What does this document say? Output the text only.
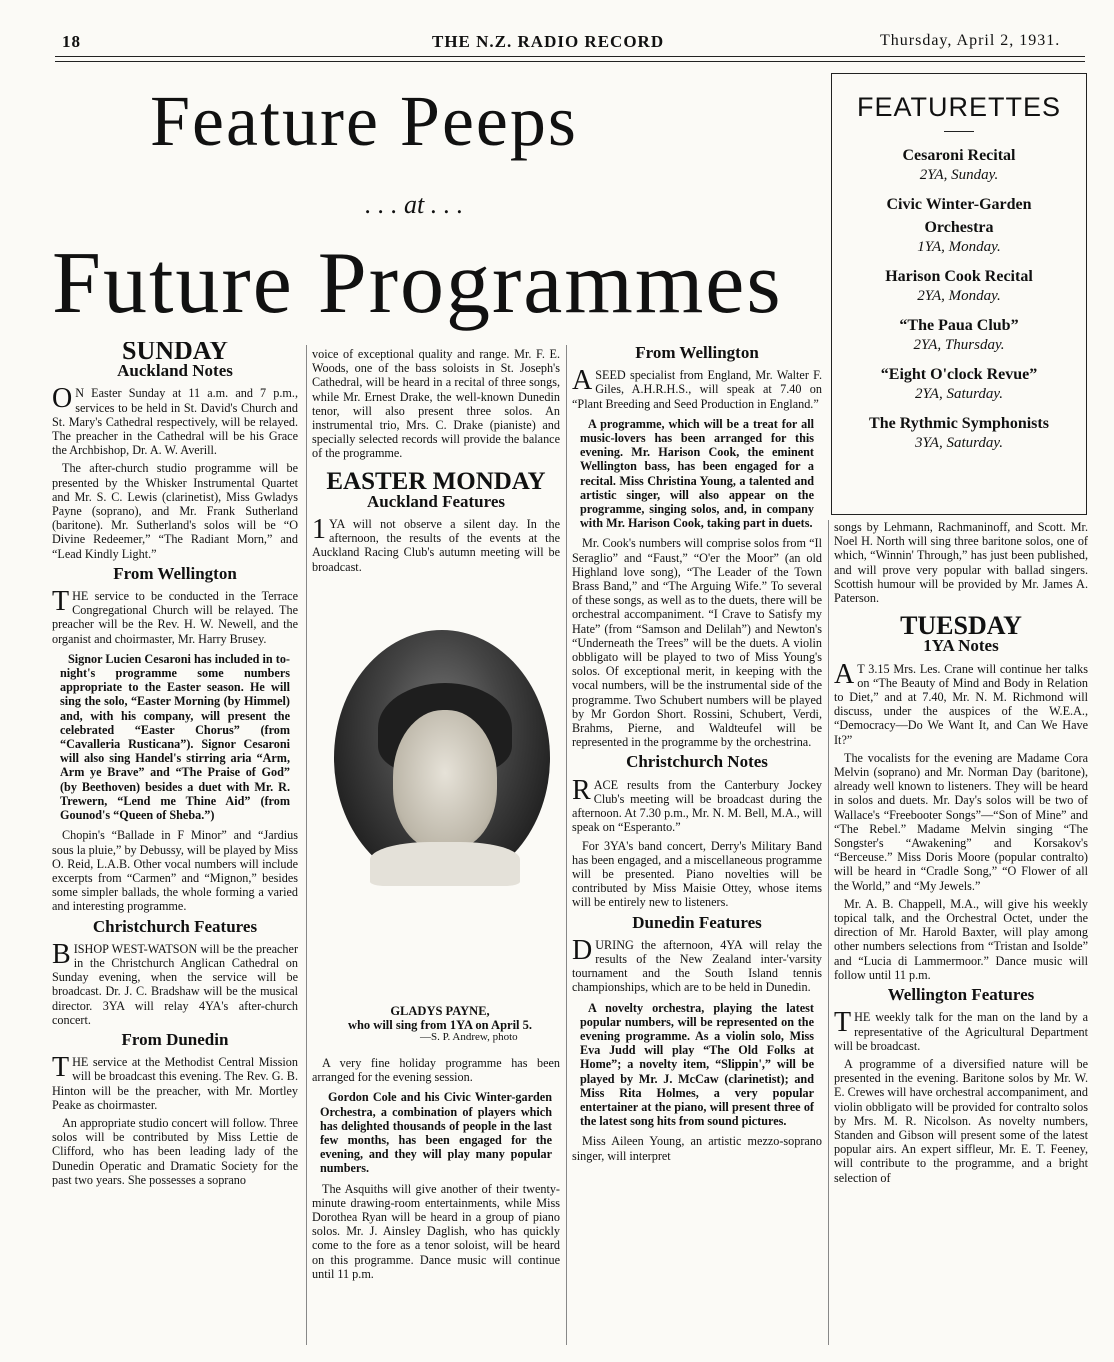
18	THE N.Z. RADIO RECORD	Thursday, April 2, 1931.
Feature Peeps
. . . at . . .
Future Programmes
FEATURETTES
Cesaroni Recital
2YA, Sunday.
Civic Winter-Garden Orchestra
1YA, Monday.
Harison Cook Recital
2YA, Monday.
“The Paua Club”
2YA, Thursday.
“Eight O'clock Revue”
2YA, Saturday.
The Rythmic Symphonists
3YA, Saturday.
SUNDAY
Auckland Notes

ON Easter Sunday at 11 a.m. and 7 p.m., services to be held in St. David's Church and St. Mary's Cathedral respectively, will be relayed. The preacher in the Cathedral will be his Grace the Archbishop, Dr. A. W. Averill.

The after-church studio programme will be presented by the Whisker Instrumental Quartet and Mr. S. C. Lewis (clarinetist), Miss Gwladys Payne (soprano), and Mr. Frank Sutherland (baritone). Mr. Sutherland's solos will be “O Divine Redeemer,” “The Radiant Morn,” and “Lead Kindly Light.”

From Wellington

THE service to be conducted in the Terrace Congregational Church will be relayed. The preacher will be the Rev. H. W. Newell, and the organist and choirmaster, Mr. Harry Brusey.

Signor Lucien Cesaroni has included in to-night's programme some numbers appropriate to the Easter season. He will sing the solo, “Easter Morning (by Himmel) and, with his company, will present the celebrated “Easter Chorus” (from “Cavalleria Rusticana”). Signor Cesaroni will also sing Handel's stirring aria “Arm, Arm ye Brave” and “The Praise of God” (by Beethoven) besides a duet with Mr. R. Trewern, “Lend me Thine Aid” (from Gounod's “Queen of Sheba.”)

Chopin's “Ballade in F Minor” and “Jardius sous la pluie,” by Debussy, will be played by Miss O. Reid, L.A.B. Other vocal numbers will include excerpts from “Carmen” and “Mignon,” besides some simpler ballads, the whole forming a varied and interesting programme.

Christchurch Features

BISHOP WEST-WATSON will be the preacher in the Christchurch Anglican Cathedral on Sunday evening, when the service will be broadcast. Dr. J. C. Bradshaw will be the musical director. 3YA will relay 4YA's after-church concert.

From Dunedin

THE service at the Methodist Central Mission will be broadcast this evening. The Rev. G. B. Hinton will be the preacher, with Mr. Mortley Peake as choirmaster.

An appropriate studio concert will follow. Three solos will be contributed by Miss Lettie de Clifford, who has been leading lady of the Dunedin Operatic and Dramatic Society for the past two years. She possesses a soprano

voice of exceptional quality and range. Mr. F. E. Woods, one of the bass soloists in St. Joseph's Cathedral, will be heard in a recital of three songs, while Mr. Ernest Drake, the well-known Dunedin tenor, will also present three solos. An instrumental trio, Mrs. C. Drake (pianiste) and specially selected records will provide the balance of the programme.

EASTER MONDAY
Auckland Features

1YA will not observe a silent day. In the afternoon, the results of the events at the Auckland Racing Club's autumn meeting will be broadcast.

GLADYS PAYNE,
who will sing from 1YA on April 5.
—S. P. Andrew, photo

A very fine holiday programme has been arranged for the evening session.

Gordon Cole and his Civic Winter-garden Orchestra, a combination of players which has delighted thousands of people in the last few months, has been engaged for the evening, and they will play many popular numbers.

The Asquiths will give another of their twenty-minute drawing-room entertainments, while Miss Dorothea Ryan will be heard in a group of piano solos. Mr. J. Ainsley Daglish, who has quickly come to the fore as a tenor soloist, will be heard on this programme. Dance music will continue until 11 p.m.

From Wellington

ASEED specialist from England, Mr. Walter F. Giles, A.H.R.H.S., will speak at 7.40 on “Plant Breeding and Seed Production in England.”

A programme, which will be a treat for all music-lovers has been arranged for this evening. Mr. Harison Cook, the eminent Wellington bass, has been engaged for a recital. Miss Christina Young, a talented and artistic singer, will also appear on the programme, singing solos, and, in company with Mr. Harison Cook, taking part in duets.

Mr. Cook's numbers will comprise solos from “Il Seraglio” and “Faust,” “O'er the Moor” (an old Highland love song), “The Leader of the Town Brass Band,” and “The Arguing Wife.” To several of these songs, as well as to the duets, there will be orchestral accompaniment. “I Crave to Satisfy my Hate” (from “Samson and Delilah”) and Newton's “Underneath the Trees” will be the duets. A violin obbligato will be played to two of Miss Young's solos. Of exceptional merit, in keeping with the vocal numbers, will be the instrumental side of the programme. Two Schubert numbers will be played by Mr Gordon Short. Rossini, Schubert, Verdi, Brahms, Pierne, and Waldteufel will be represented in the programme by the orchestrina.

Christchurch Notes

RACE results from the Canterbury Jockey Club's meeting will be broadcast during the afternoon. At 7.30 p.m., Mr. N. M. Bell, M.A., will speak on “Esperanto.”

For 3YA's band concert, Derry's Military Band has been engaged, and a miscellaneous programme will be presented. Piano novelties will be contributed by Miss Maisie Ottey, whose items will be entirely new to listeners.

Dunedin Features

DURING the afternoon, 4YA will relay the results of the New Zealand inter-'varsity tournament and the South Island tennis championships, which are to be held in Dunedin.

A novelty orchestra, playing the latest popular numbers, will be represented on the evening programme. As a violin solo, Miss Eva Judd will play “The Old Folks at Home”; a novelty item, “Slippin',” will be played by Mr. J. McCaw (clarinetist); and Miss Rita Holmes, a very popular entertainer at the piano, will present three of the latest song hits from sound pictures.

Miss Aileen Young, an artistic mezzo-soprano singer, will interpret

songs by Lehmann, Rachmaninoff, and Scott. Mr. Noel H. North will sing three baritone solos, one of which, “Winnin' Through,” has just been published, and will prove very popular with ballad singers. Scottish humour will be provided by Mr. James A. Paterson.

TUESDAY
1YA Notes

AT 3.15 Mrs. Les. Crane will continue her talks on “The Beauty of Mind and Body in Relation to Diet,” and at 7.40, Mr. N. M. Richmond will discuss, under the auspices of the W.E.A., “Democracy—Do We Want It, and Can We Have It?”

The vocalists for the evening are Madame Cora Melvin (soprano) and Mr. Norman Day (baritone), already well known to listeners. They will be heard in solos and duets. Mr. Day's solos will be two of Wallace's “Freebooter Songs”—“Son of Mine” and “The Rebel.” Madame Melvin singing “The Songster's “Awakening” and Korsakov's “Berceuse.” Miss Doris Moore (popular contralto) will be heard in “Cradle Song,” “O Flower of all the World,” and “My Jewels.”

Mr. A. B. Chappell, M.A., will give his weekly topical talk, and the Orchestral Octet, under the direction of Mr. Harold Baxter, will play among other numbers selections from “Tristan and Isolde” and “Lucia di Lammermoor.” Dance music will follow until 11 p.m.

Wellington Features

THE weekly talk for the man on the land by a representative of the Agricultural Department will be broadcast.

A programme of a diversified nature will be presented in the evening. Baritone solos by Mr. W. E. Crewes will have orchestral accompaniment, and violin obbligato will be provided for contralto solos by Mrs. M. R. Nicolson. As novelty numbers, Standen and Gibson will present some of the latest popular airs. An expert siffleur, Mr. E. T. Feeney, will contribute to the programme, and a bright selection of
